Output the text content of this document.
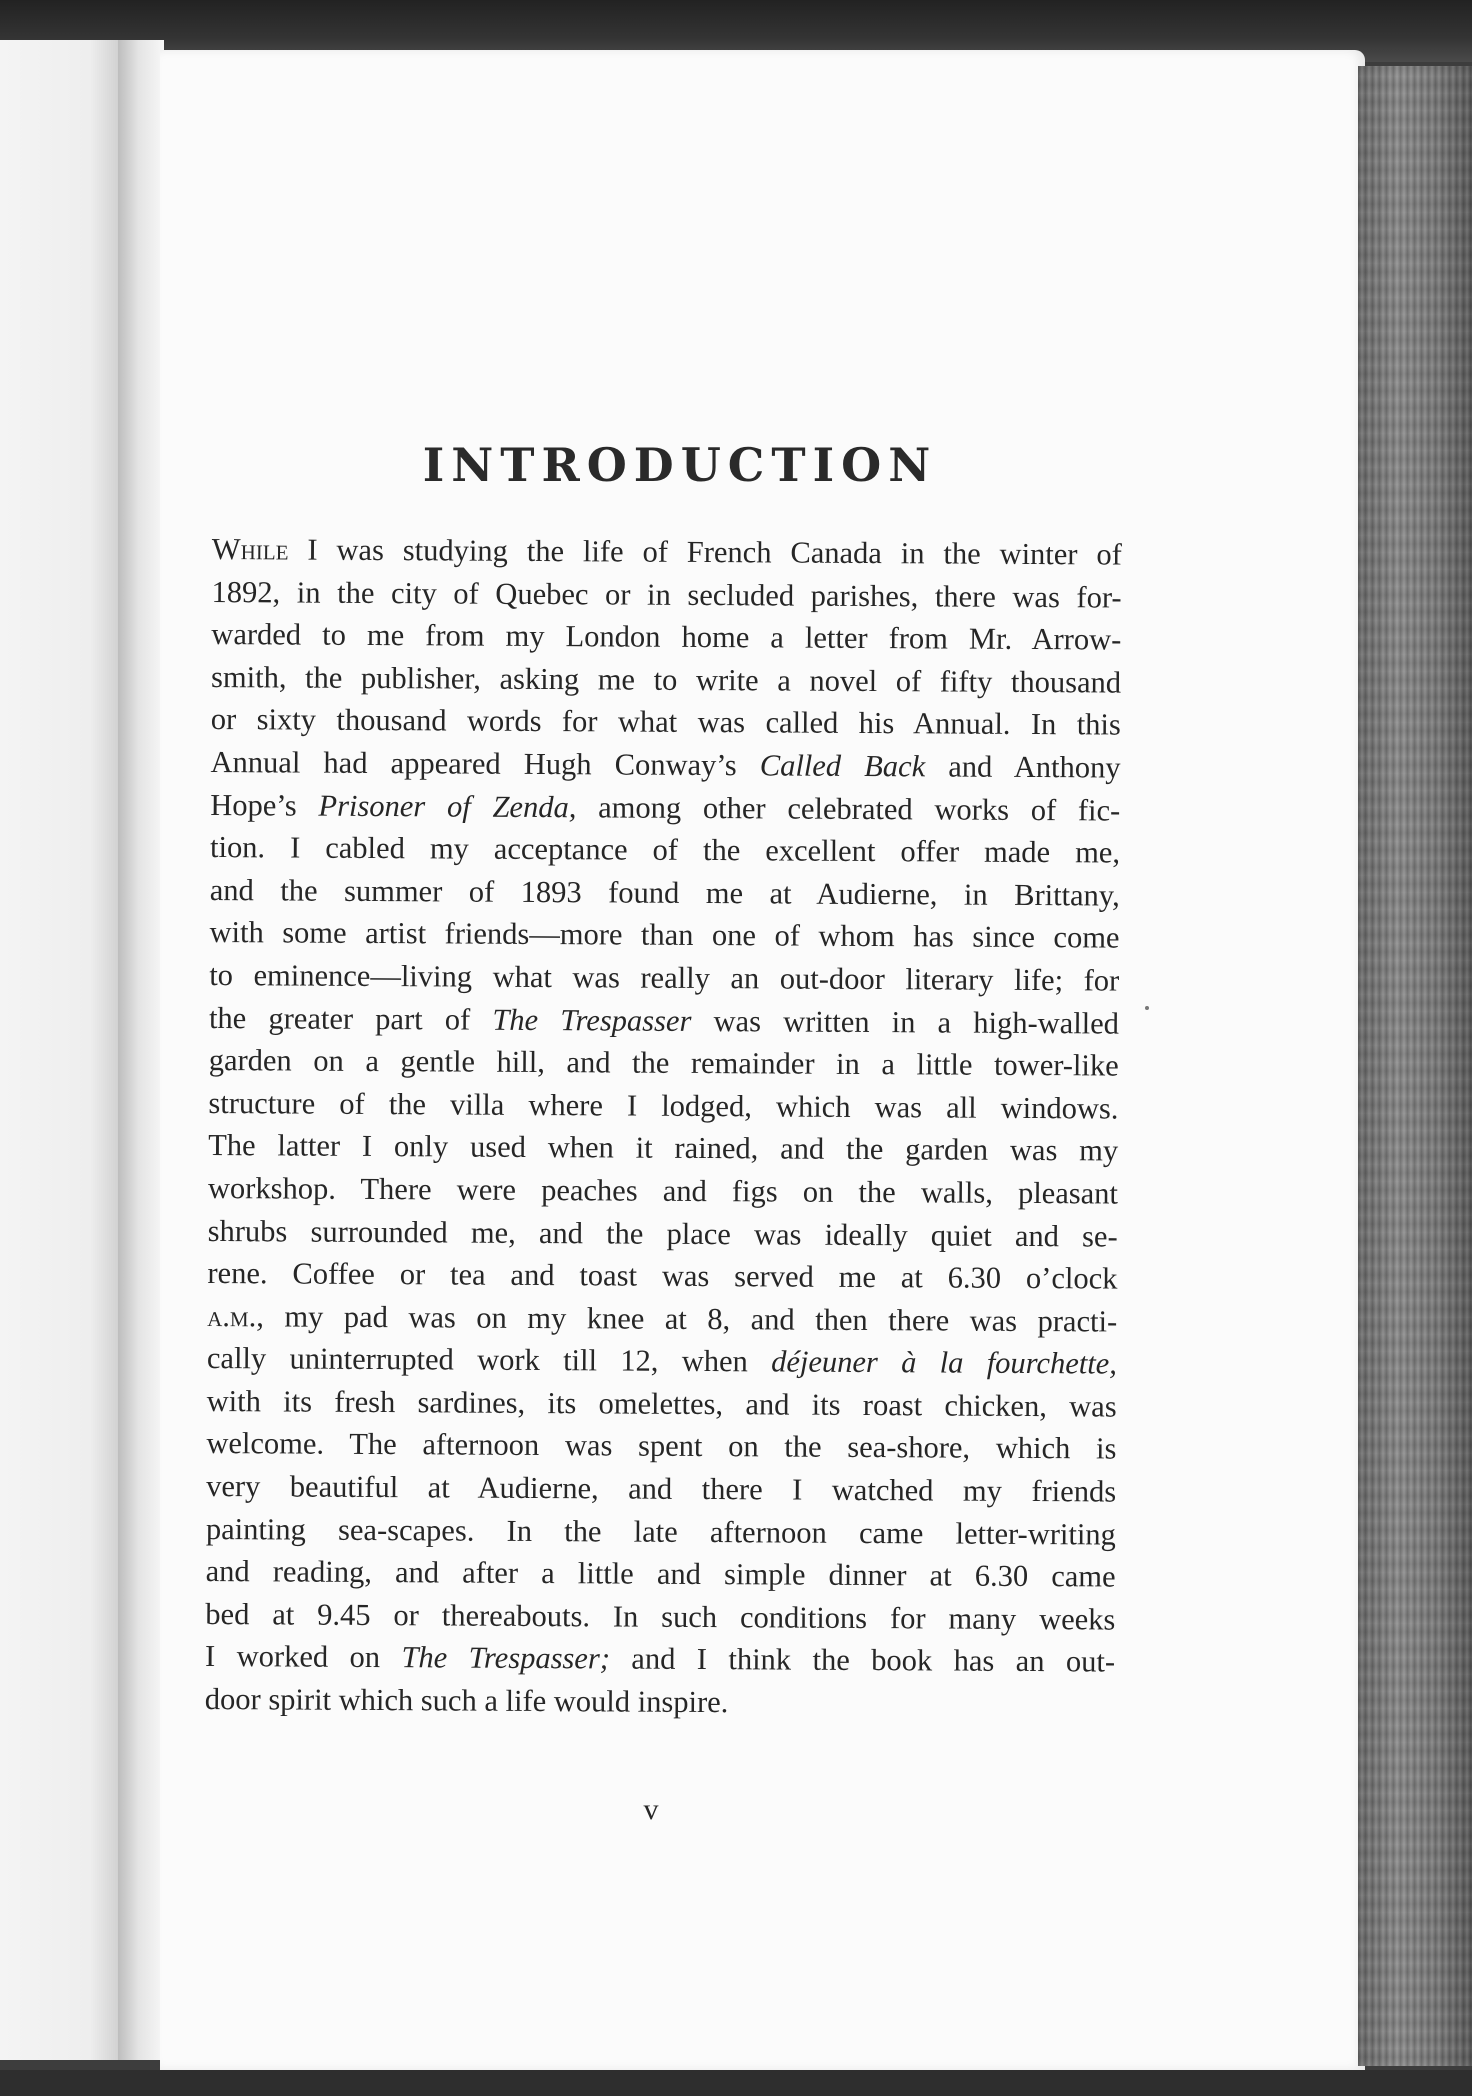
INTRODUCTION
While I was studying the life of French Canada in the winter of
1892, in the city of Quebec or in secluded parishes, there was for-
warded to me from my London home a letter from Mr. Arrow-
smith, the publisher, asking me to write a novel of fifty thousand
or sixty thousand words for what was called his Annual. In this
Annual had appeared Hugh Conway’s Called Back and Anthony
Hope’s Prisoner of Zenda, among other celebrated works of fic-
tion. I cabled my acceptance of the excellent offer made me,
and the summer of 1893 found me at Audierne, in Brittany,
with some artist friends—more than one of whom has since come
to eminence—living what was really an out-door literary life; for
the greater part of The Trespasser was written in a high-walled
garden on a gentle hill, and the remainder in a little tower-like
structure of the villa where I lodged, which was all windows.
The latter I only used when it rained, and the garden was my
workshop. There were peaches and figs on the walls, pleasant
shrubs surrounded me, and the place was ideally quiet and se-
rene. Coffee or tea and toast was served me at 6.30 o’clock
a.m., my pad was on my knee at 8, and then there was practi-
cally uninterrupted work till 12, when déjeuner à la fourchette,
with its fresh sardines, its omelettes, and its roast chicken, was
welcome. The afternoon was spent on the sea-shore, which is
very beautiful at Audierne, and there I watched my friends
painting sea-scapes. In the late afternoon came letter-writing
and reading, and after a little and simple dinner at 6.30 came
bed at 9.45 or thereabouts. In such conditions for many weeks
I worked on The Trespasser; and I think the book has an out-
door spirit which such a life would inspire.
v
